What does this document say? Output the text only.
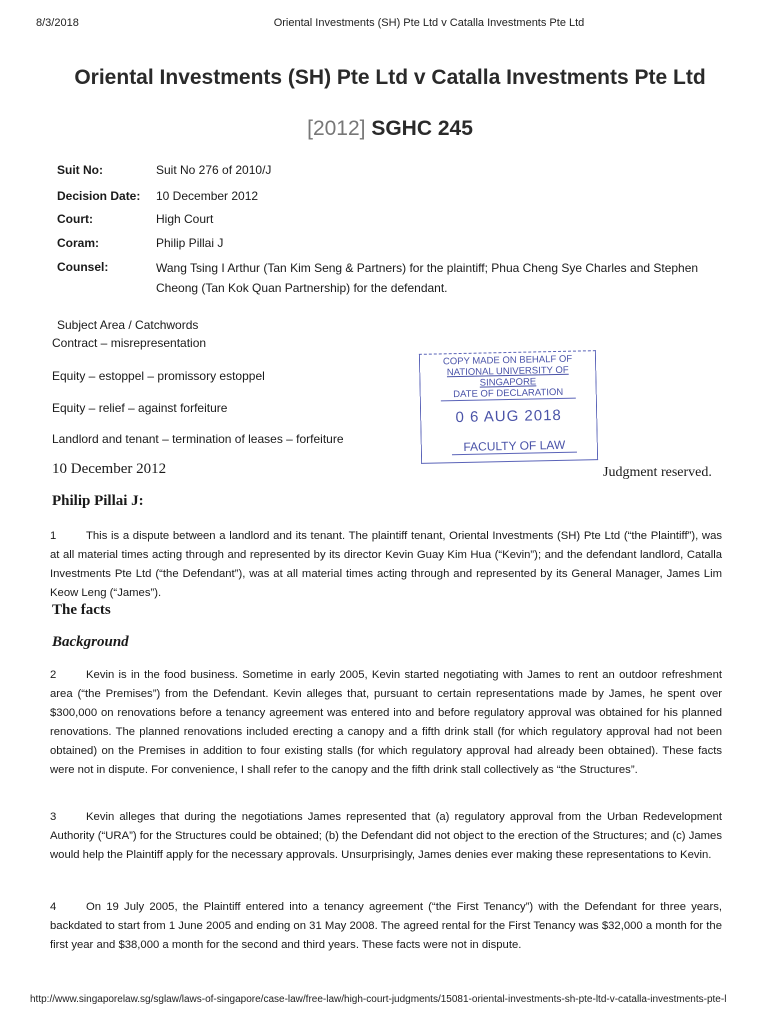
8/3/2018	Oriental Investments (SH) Pte Ltd v Catalla Investments Pte Ltd
Oriental Investments (SH) Pte Ltd v Catalla Investments Pte Ltd
[2012] SGHC 245
Suit No:	Suit No 276 of 2010/J
Decision Date: 10 December 2012
Court:	High Court
Coram:	Philip Pillai J
Counsel:	Wang Tsing I Arthur (Tan Kim Seng & Partners) for the plaintiff; Phua Cheng Sye Charles and Stephen Cheong (Tan Kok Quan Partnership) for the defendant.
Subject Area / Catchwords
Contract – misrepresentation
Equity – estoppel – promissory estoppel
Equity – relief – against forfeiture
Landlord and tenant – termination of leases – forfeiture
COPY MADE ON BEHALF OF
NATIONAL UNIVERSITY OF SINGAPORE
DATE OF DECLARATION
0 6 AUG 2018
FACULTY OF LAW
10 December 2012	Judgment reserved.
Philip Pillai J:
1	This is a dispute between a landlord and its tenant. The plaintiff tenant, Oriental Investments (SH) Pte Ltd (“the Plaintiff”), was at all material times acting through and represented by its director Kevin Guay Kim Hua (“Kevin”); and the defendant landlord, Catalla Investments Pte Ltd (“the Defendant”), was at all material times acting through and represented by its General Manager, James Lim Keow Leng (“James”).
The facts
Background
2	Kevin is in the food business. Sometime in early 2005, Kevin started negotiating with James to rent an outdoor refreshment area (“the Premises”) from the Defendant. Kevin alleges that, pursuant to certain representations made by James, he spent over $300,000 on renovations before a tenancy agreement was entered into and before regulatory approval was obtained for his planned renovations. The planned renovations included erecting a canopy and a fifth drink stall (for which regulatory approval had not been obtained) on the Premises in addition to four existing stalls (for which regulatory approval had already been obtained). These facts were not in dispute. For convenience, I shall refer to the canopy and the fifth drink stall collectively as “the Structures”.
3	Kevin alleges that during the negotiations James represented that (a) regulatory approval from the Urban Redevelopment Authority (“URA”) for the Structures could be obtained; (b) the Defendant did not object to the erection of the Structures; and (c) James would help the Plaintiff apply for the necessary approvals. Unsurprisingly, James denies ever making these representations to Kevin.
4	On 19 July 2005, the Plaintiff entered into a tenancy agreement (“the First Tenancy”) with the Defendant for three years, backdated to start from 1 June 2005 and ending on 31 May 2008. The agreed rental for the First Tenancy was $32,000 a month for the first year and $38,000 a month for the second and third years. These facts were not in dispute.
http://www.singaporelaw.sg/sglaw/laws-of-singapore/case-law/free-law/high-court-judgments/15081-oriental-investments-sh-pte-ltd-v-catalla-investments-pte-l
